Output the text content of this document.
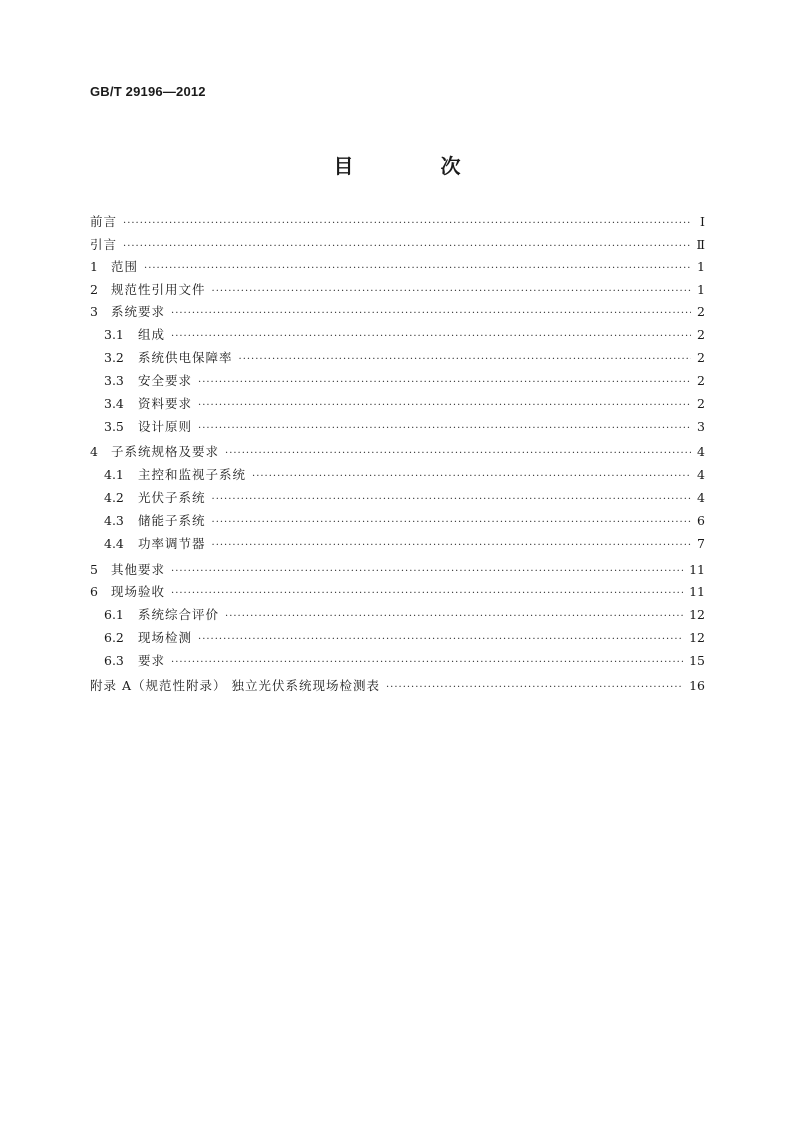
GB/T 29196—2012
目 次
前言 ·····	Ⅰ
引言 ·····	Ⅱ
1	范围 ·····	1
2	规范性引用文件 ·····	1
3	系统要求 ·····	2
3.1	组成 ·····	2
3.2	系统供电保障率 ·····	2
3.3	安全要求 ·····	2
3.4	资料要求 ·····	2
3.5	设计原则 ·····	3
4	子系统规格及要求 ·····	4
4.1	主控和监视子系统 ·····	4
4.2	光伏子系统 ·····	4
4.3	储能子系统 ·····	6
4.4	功率调节器 ·····	7
5	其他要求 ·····	11
6	现场验收 ·····	11
6.1	系统综合评价 ·····	12
6.2	现场检测 ·····	12
6.3	要求 ·····	15
附录 A（规范性附录） 独立光伏系统现场检测表 ·····	16
